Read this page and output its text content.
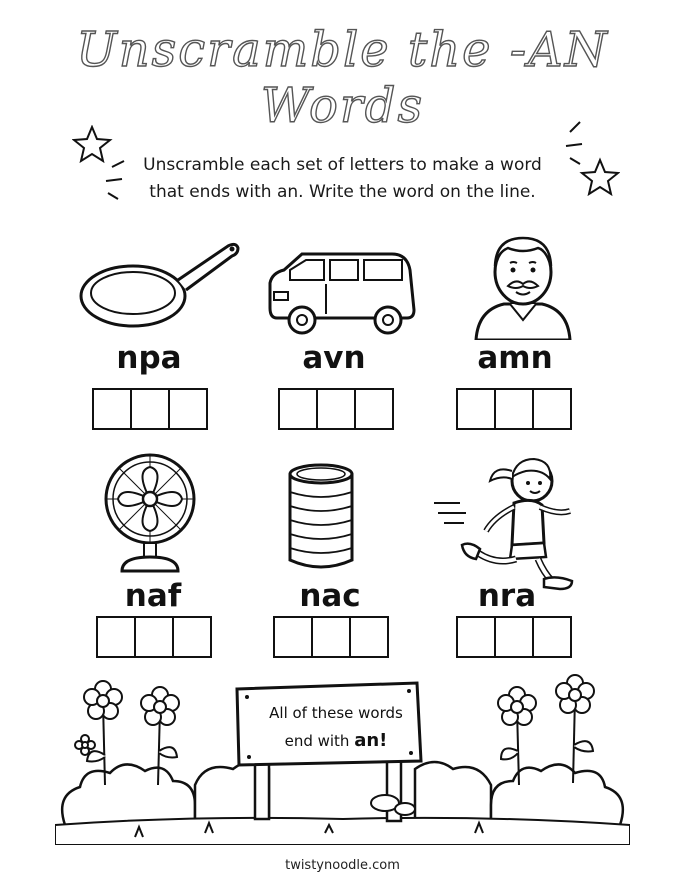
Unscramble the -AN Words
Unscramble each set of letters to make a word
that ends with an. Write the word on the line.
npa	avn	amn
naf	nac	nra
All of these words
end with an!
twistynoodle.com
